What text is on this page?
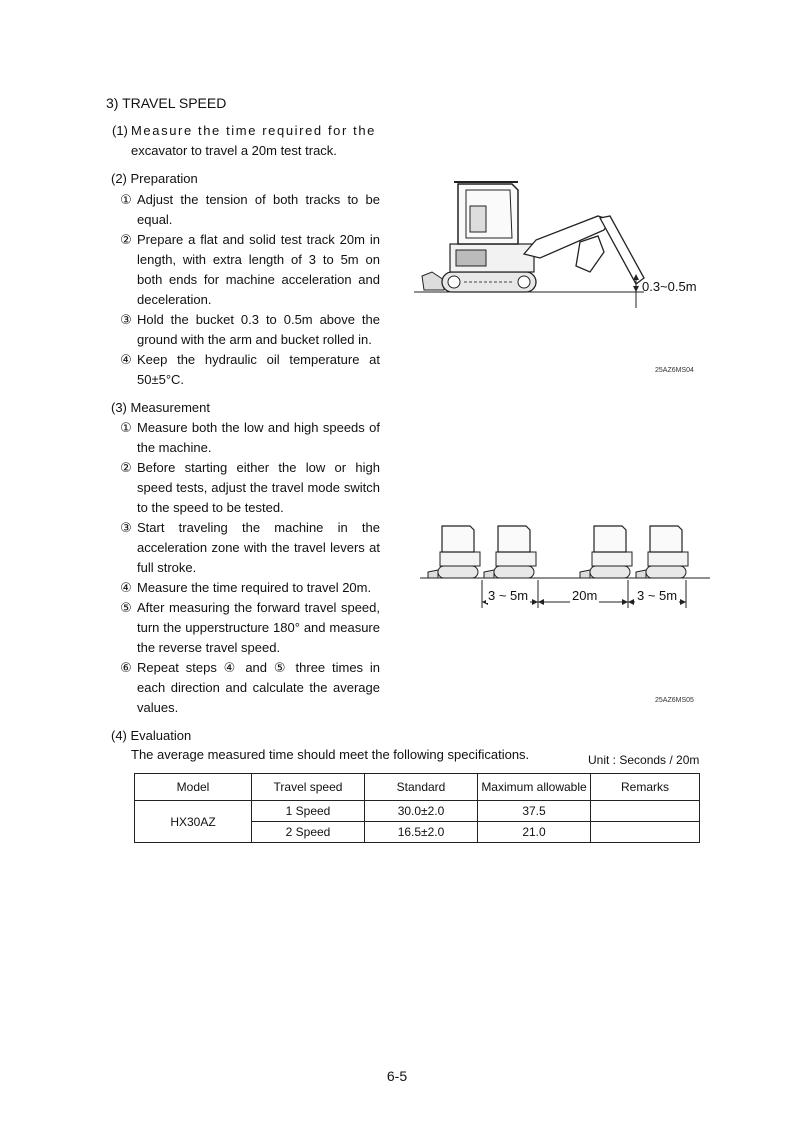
3) TRAVEL SPEED
(1) Measure the time required for the
excavator to travel a 20m test track.
(2) Preparation
① Adjust the tension of both tracks to be equal.
② Prepare a flat and solid test track 20m in length, with extra length of 3 to 5m on both ends for machine acceleration and deceleration.
③ Hold the bucket 0.3 to 0.5m above the ground with the arm and bucket rolled in.
④ Keep the hydraulic oil temperature at 50±5°C.
(3) Measurement
① Measure both the low and high speeds of the machine.
② Before starting either the low or high speed tests, adjust the travel mode switch to the speed to be tested.
③ Start traveling the machine in the acceleration zone with the travel levers at full stroke.
④ Measure the time required to travel 20m.
⑤ After measuring the forward travel speed, turn the upperstructure 180° and measure the reverse travel speed.
⑥ Repeat steps ④ and ⑤ three times in each direction and calculate the average values.
0.3~0.5m
25AZ6MS04
3 ~ 5m	20m	3 ~ 5m
25AZ6MS05
(4) Evaluation
The average measured time should meet the following specifications.	Unit : Seconds / 20m
Model	Travel speed	Standard	Maximum allowable	Remarks
HX30AZ	1 Speed	30.0±2.0	37.5	
	2 Speed	16.5±2.0	21.0	
6-5
